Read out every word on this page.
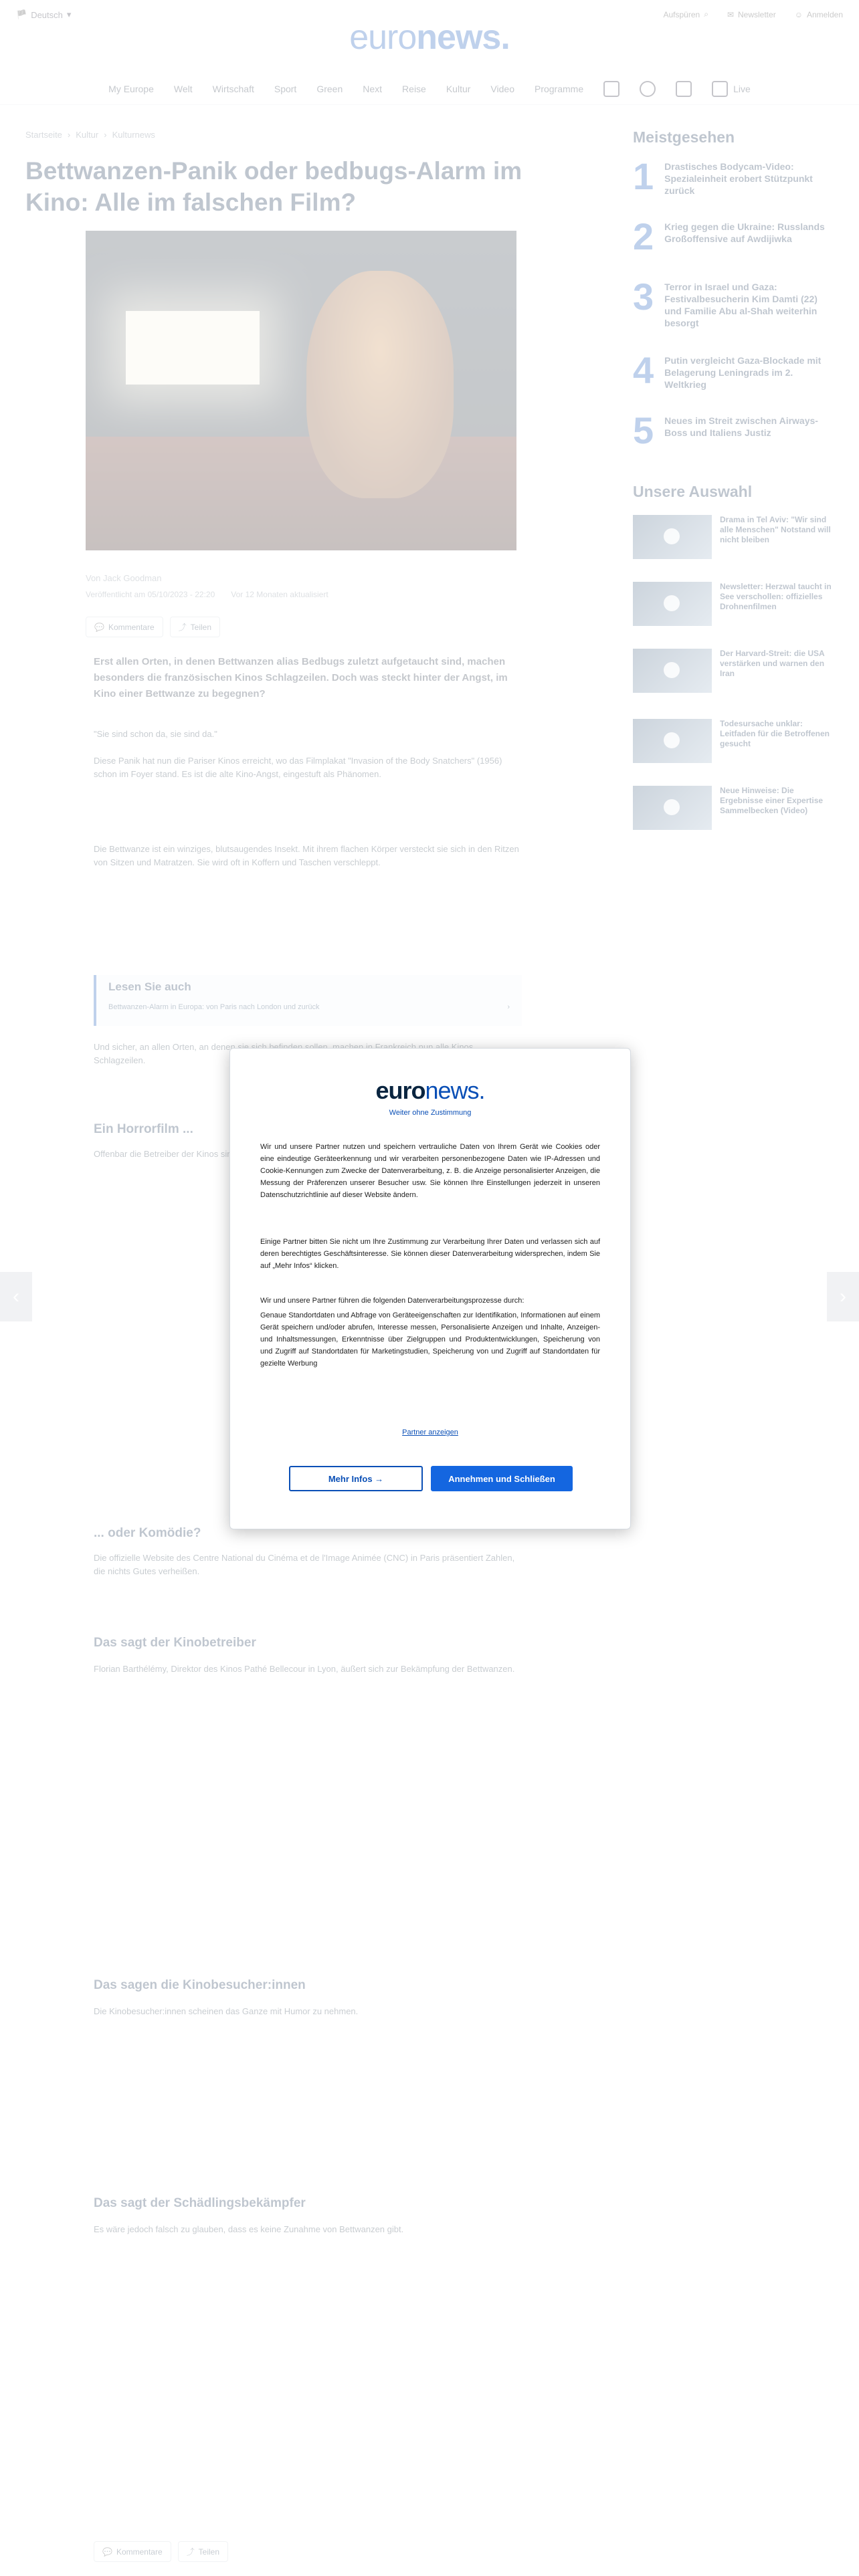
euronews.
Weiter ohne Zustimmung
Wir und unsere Partner nutzen und speichern vertrauliche Daten von Ihrem Gerät wie Cookies oder eine eindeutige Geräteerkennung und wir verarbeiten personenbezogene Daten wie IP-Adressen und Cookie-Kennungen zum Zwecke der Datenverarbeitung, z. B. die Anzeige personalisierter Anzeigen, die Messung der Präferenzen unserer Besucher usw. Sie können Ihre Einstellungen jederzeit in unseren Datenschutzrichtlinie auf dieser Website ändern.
Einige Partner bitten Sie nicht um Ihre Zustimmung zur Verarbeitung Ihrer Daten und verlassen sich auf deren berechtigtes Geschäftsinteresse. Sie können dieser Datenverarbeitung widersprechen, indem Sie auf „Mehr Infos“ klicken.
Wir und unsere Partner führen die folgenden Datenverarbeitungsprozesse durch:
Genaue Standortdaten und Abfrage von Geräteeigenschaften zur Identifikation, Informationen auf einem Gerät speichern und/oder abrufen, Interesse messen, Personalisierte Anzeigen und Inhalte, Anzeigen- und Inhaltsmessungen, Erkenntnisse über Zielgruppen und Produktentwicklungen, Speicherung von und Zugriff auf Standortdaten für Marketingstudien, Speicherung von und Zugriff auf Standortdaten für gezielte Werbung
Partner anzeigen
Mehr Infos →	Annehmen und Schließen
